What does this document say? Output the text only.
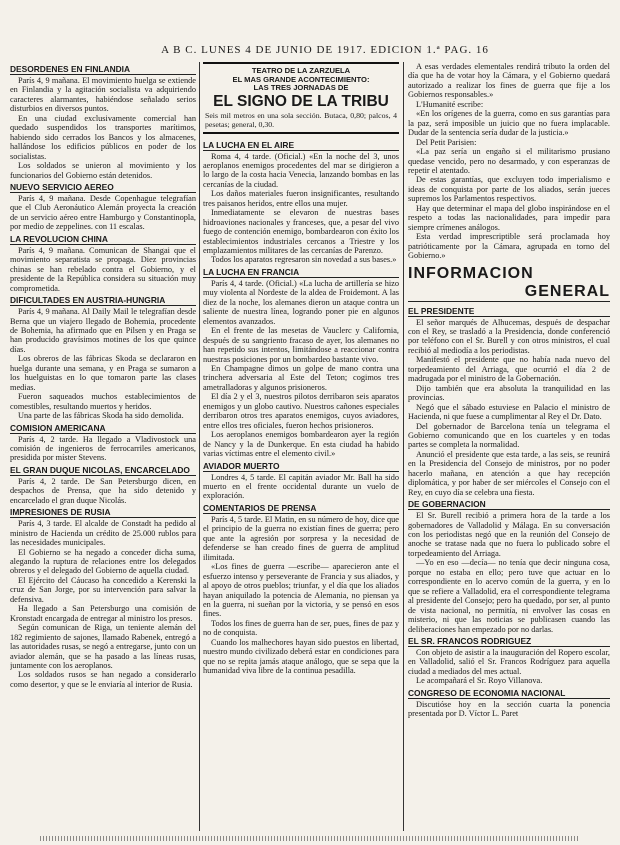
A B C. LUNES 4 DE JUNIO DE 1917. EDICION 1.ª PAG. 16
DESORDENES EN FINLANDIA

París 4, 9 mañana. El movimiento huelga se extiende en Finlandia y la agitación socialista va adquiriendo caracteres alarmantes, habiéndose señalado serios disturbios en diversos puntos.

En una ciudad exclusivamente comercial han quedado suspendidos los transportes marítimos, habiendo sido cerrados los Bancos y los almacenes, hallándose los edificios públicos en poder de los socialistas.

Los soldados se unieron al movimiento y los funcionarios del Gobierno están detenidos.

NUEVO SERVICIO AEREO

París 4, 9 mañana. Desde Copenhague telegrafían que el Club Aeronáutico Alemán proyecta la creación de un servicio aéreo entre Hamburgo y Constantinopla, por medio de zeppelines. con 11 escalas.

LA REVOLUCION CHINA

París 4, 9 mañana. Comunican de Shangai que el movimiento separatista se propaga. Diez provincias chinas se han rebelado contra el Gobierno, y el presidente de la República considera su situación muy comprometida.

DIFICULTADES EN AUSTRIA-HUNGRIA

París 4, 9 mañana. Al Daily Mail le telegrafían desde Berna que un viajero llegado de Bohemia, procedente de Bohemia, ha afirmado que en Pilsen y en Praga se han producido gravísimos motines de los que quince días.

Los obreros de las fábricas Skoda se declararon en huelga durante una semana, y en Praga se sumaron a los huelguistas en lo que tomaron parte las clases medias.

Fueron saqueados muchos establecimientos de comestibles, resultando muertos y heridos.

Una parte de las fábricas Skoda ha sido demolida.

COMISION AMERICANA

París 4, 2 tarde. Ha llegado a Vladivostock una comisión de ingenieros de ferrocarriles americanos, presidida por míster Stevens.

EL GRAN DUQUE NICOLAS, ENCARCELADO

París 4, 2 tarde. De San Petersburgo dicen, en despachos de Prensa, que ha sido detenido y encarcelado el gran duque Nicolás.

IMPRESIONES DE RUSIA

París 4, 3 tarde. El alcalde de Constadt ha pedido al ministro de Hacienda un crédito de 25.000 rublos para las necesidades municipales.

El Gobierno se ha negado a conceder dicha suma, alegando la ruptura de relaciones entre los delegados obreros y el delegado del Gobierno de aquella ciudad.

El Ejército del Cáucaso ha concedido a Kerenski la cruz de San Jorge, por su intervención para salvar la defensiva.

Ha llegado a San Petersburgo una comisión de Kronstadt encargada de entregar al ministro los presos.

Según comunican de Riga, un teniente alemán del 182 regimiento de sajones, llamado Rabenek, entregó a las autoridades rusas, se negó a entregarse, junto con un aviador alemán, que se ha pasado a las líneas rusas, juntamente con los aeroplanos.

Los soldados rusos se han negado a considerarlo como desertor, y que se le enviaría al interior de Rusia.

TEATRO DE LA ZARZUELA
EL MAS GRANDE ACONTECIMIENTO:
LAS TRES JORNADAS DE
EL SIGNO DE LA TRIBU
Seis mil metros en una sola sección. Butaca, 0,80; palcos, 4 pesetas; general, 0,30.
LA LUCHA EN EL AIRE

Roma 4, 4 tarde. (Oficial.) «En la noche del 3, unos aeroplanos enemigos procedentes del mar se dirigieron a lo largo de la costa hacia Venecia, lanzando bombas en las cercanías de la ciudad.

Los daños materiales fueron insignificantes, resultando tres paisanos heridos, entre ellos una mujer.

Inmediatamente se elevaron de nuestras bases hidroaviones nacionales y franceses, que, a pesar del vivo fuego de contención enemigo, bombardearon con éxito los establecimientos industriales cercanos a Triestre y los emplazamientos militares de las cercanías de Parenzo.

Todos los aparatos regresaron sin novedad a sus bases.»

LA LUCHA EN FRANCIA

París 4, 4 tarde. (Oficial.) «La lucha de artillería se hizo muy violenta al Nordeste de la aldea de Froidemont. A las diez de la noche, los alemanes dieron un ataque contra un saliente de nuestra línea, logrando poner pie en algunos elementos avanzados.

En el frente de las mesetas de Vauclerc y California, después de su sangriento fracaso de ayer, los alemanes no han repetido sus intentos, limitándose a reaccionar contra nuestras posiciones por un bombardeo bastante vivo.

En Champagne dimos un golpe de mano contra una trinchera adversaria al Este del Teton; cogimos tres ametralladoras y algunos prisioneros.

El día 2 y el 3, nuestros pilotos derribaron seis aparatos enemigos y un globo cautivo. Nuestros cañones especiales derribaron otros tres aparatos enemigos, cuyos aviadores, entre ellos tres oficiales, fueron hechos prisioneros.

Los aeroplanos enemigos bombardearon ayer la región de Nancy y la de Dunkerque. En esta ciudad ha habido varias víctimas entre el elemento civil.»

AVIADOR MUERTO

Londres 4, 5 tarde. El capitán aviador Mr. Ball ha sido muerto en el frente occidental durante un vuelo de exploración.

COMENTARIOS DE PRENSA

París 4, 5 tarde. El Matin, en su número de hoy, dice que el principio de la guerra no existían fines de guerra; pero que ante la agresión por sorpresa y la necesidad de defenderse se han creado fines de guerra de amplitud ilimitada.

«Los fines de guerra —escribe— aparecieron ante el esfuerzo intenso y perseverante de Francia y sus aliados, y al apoyo de otros pueblos; triunfar, y el día que los aliados hayan aniquilado la potencia de Alemania, no piensan ya en la guerra, ni sueñan por la victoria, y se pensó en esos fines.

Todos los fines de guerra han de ser, pues, fines de paz y no de conquista.

Cuando los malhechores hayan sido puestos en libertad, nuestro mundo civilizado deberá estar en condiciones para que no se repita jamás ataque análogo, que se sepa que la humanidad viva libre de la continua pesadilla.

A esas verdades elementales rendirá tributo la orden del día que ha de votar hoy la Cámara, y el Gobierno quedará autorizado a realizar los fines de guerra que fije a los Gobiernos responsables.»

L'Humanité escribe:

«En los orígenes de la guerra, como en sus garantías para la paz, será imposible un juicio que no fuera implacable. Dudar de la sentencia sería dudar de la justicia.»

Del Petit Parisien:

«La paz sería un engaño si el militarismo prusiano quedase vencido, pero no desarmado, y con esperanzas de repetir el atentado.

De estas garantías, que excluyen todo imperialismo e ideas de conquista por parte de los aliados, serán jueces supremos los Parlamentos respectivos.

Hay que determinar el mapa del globo inspirándose en el respeto a todas las nacionalidades, para impedir para siempre crímenes análogos.

Esta verdad imprescriptible será proclamada hoy patrióticamente por la Cámara, agrupada en torno del Gobierno.»

INFORMACION
GENERAL
EL PRESIDENTE

El señor marqués de Alhucemas, después de despachar con el Rey, se trasladó a la Presidencia, donde conferenció por teléfono con el Sr. Burell y con otros ministros, el cual recibió al mediodía a los periodistas.

Manifestó el presidente que no había nada nuevo del torpedeamiento del Arriaga, que ocurrió el día 2 de madrugada por el ministro de la Gobernación.

Dijo también que era absoluta la tranquilidad en las provincias.

Negó que el sábado estuviese en Palacio el ministro de Hacienda, ni que fuese a cumplimentar al Rey el Dr. Dato.

Del gobernador de Barcelona tenía un telegrama el Gobierno comunicando que en los cuarteles y en todas partes se completa la normalidad.

Anunció el presidente que esta tarde, a las seis, se reunirá en la Presidencia del Consejo de ministros, por no poder hacerlo mañana, en atención a que hay recepción diplomática, y por haber de ser miércoles el Consejo con el Rey, en cuyo día se celebra una fiesta.

DE GOBERNACION

El Sr. Burell recibió a primera hora de la tarde a los gobernadores de Valladolid y Málaga. En su conversación con los periodistas negó que en la reunión del Consejo de anoche se tratase nada que no fuera lo publicado sobre el torpedeamiento del Arriaga.

—Yo en eso —decía— no tenía que decir ninguna cosa, porque no estaba en ello; pero tuve que actuar en lo correspondiente en lo acervo común de la guerra, y en lo que se refiere a Valladolid, era el correspondiente telegrama al presidente del Consejo; pero ha quedado, por ser, al punto de vista nacional, no permitía, ni envolver las cosas en misterio, ni que las noticias se publicasen cuando las deliberaciones han empezado por no darlas.

EL SR. FRANCOS RODRIGUEZ

Con objeto de asistir a la inauguración del Ropero escolar, en Valladolid, salió el Sr. Francos Rodríguez para aquella ciudad a mediados del mes actual.

Le acompañará el Sr. Royo Villanova.

CONGRESO DE ECONOMIA NACIONAL

Discutióse hoy en la sección cuarta la ponencia presentada por D. Víctor L. Paret
